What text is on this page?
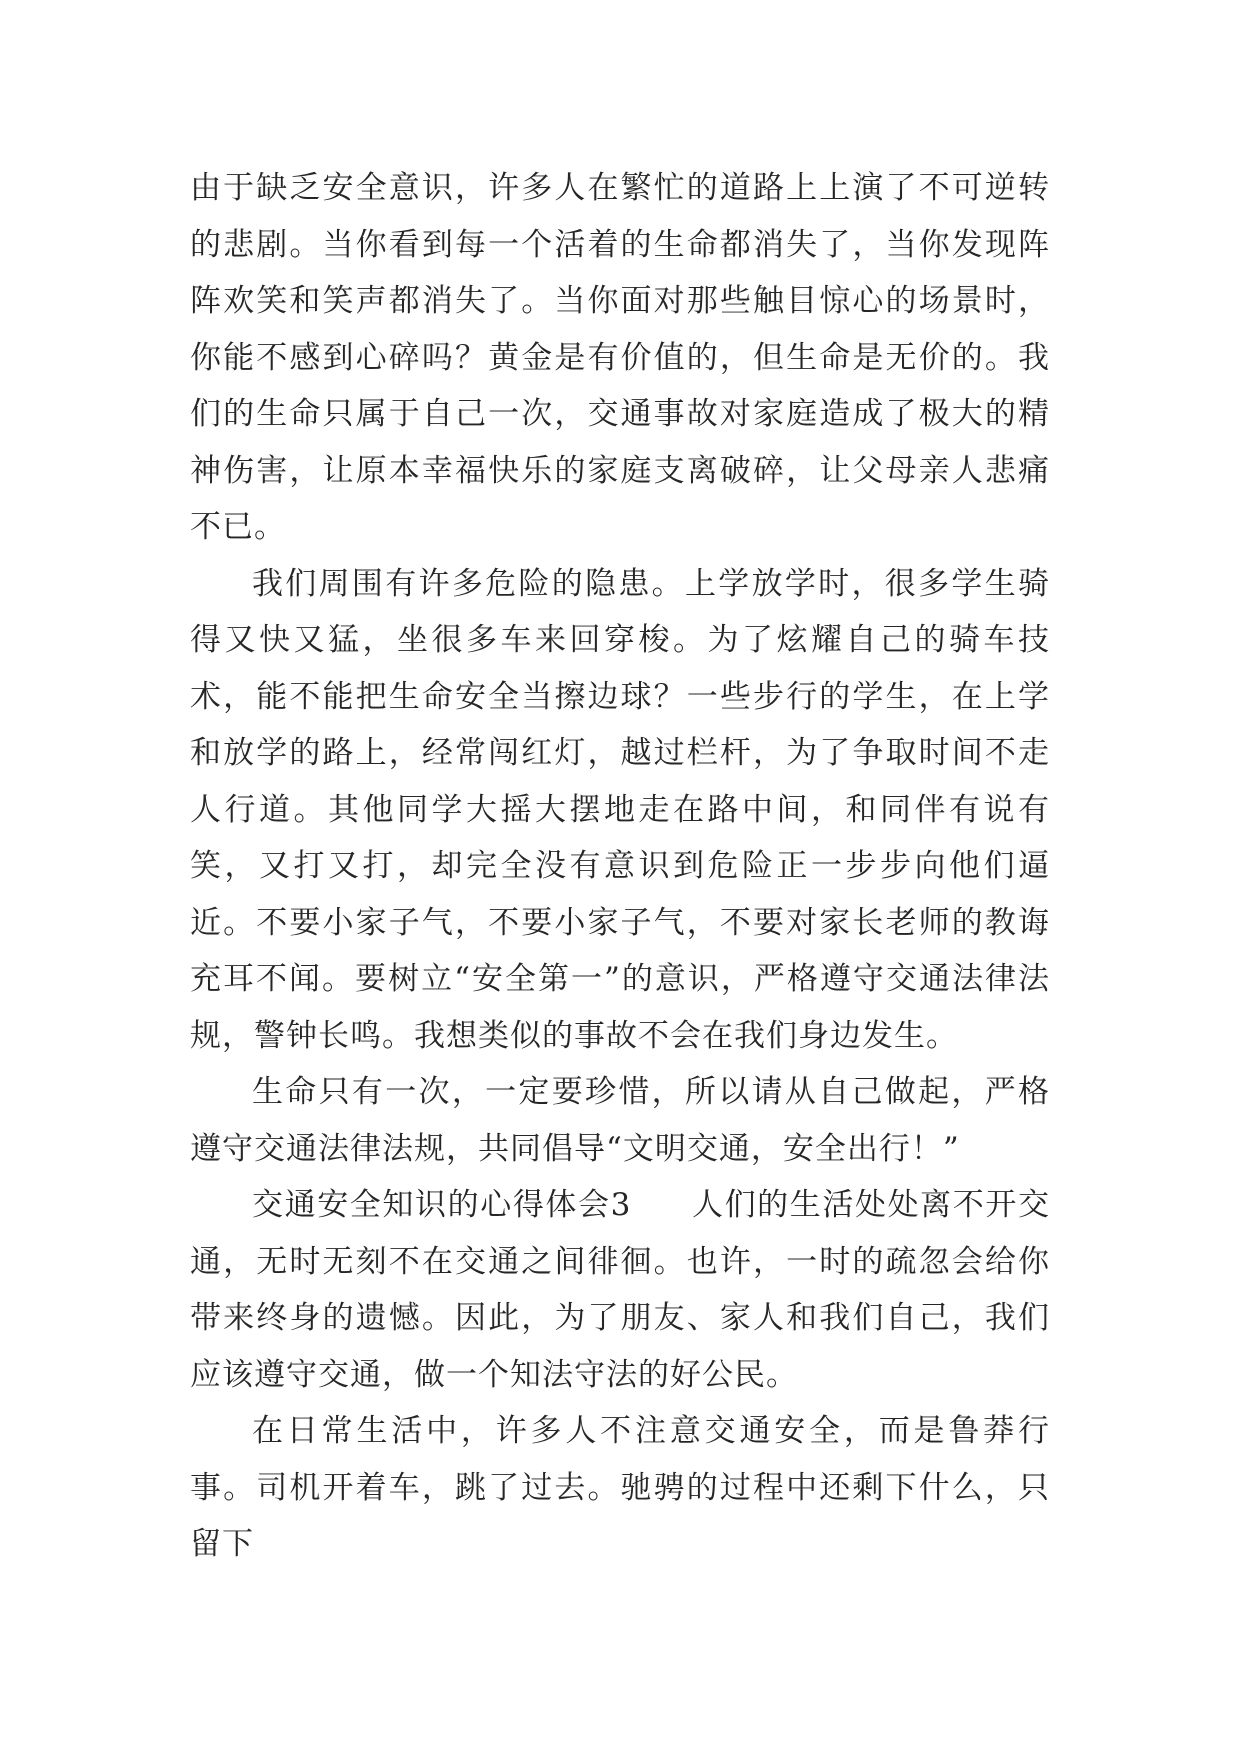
由于缺乏安全意识，许多人在繁忙的道路上上演了不可逆转的悲剧。当你看到每一个活着的生命都消失了，当你发现阵阵欢笑和笑声都消失了。当你面对那些触目惊心的场景时，你能不感到心碎吗？黄金是有价值的，但生命是无价的。我们的生命只属于自己一次，交通事故对家庭造成了极大的精神伤害，让原本幸福快乐的家庭支离破碎，让父母亲人悲痛不已。

我们周围有许多危险的隐患。上学放学时，很多学生骑得又快又猛，坐很多车来回穿梭。为了炫耀自己的骑车技术，能不能把生命安全当擦边球？一些步行的学生，在上学和放学的路上，经常闯红灯，越过栏杆，为了争取时间不走人行道。其他同学大摇大摆地走在路中间，和同伴有说有笑，又打又打，却完全没有意识到危险正一步步向他们逼近。不要小家子气，不要小家子气，不要对家长老师的教诲充耳不闻。要树立“安全第一”的意识，严格遵守交通法律法规，警钟长鸣。我想类似的事故不会在我们身边发生。

生命只有一次，一定要珍惜，所以请从自己做起，严格遵守交通法律法规，共同倡导“文明交通，安全出行！”

交通安全知识的心得体会3 人们的生活处处离不开交通，无时无刻不在交通之间徘徊。也许，一时的疏忽会给你带来终身的遗憾。因此，为了朋友、家人和我们自己，我们应该遵守交通，做一个知法守法的好公民。

在日常生活中，许多人不注意交通安全，而是鲁莽行事。司机开着车，跳了过去。驰骋的过程中还剩下什么，只留下
